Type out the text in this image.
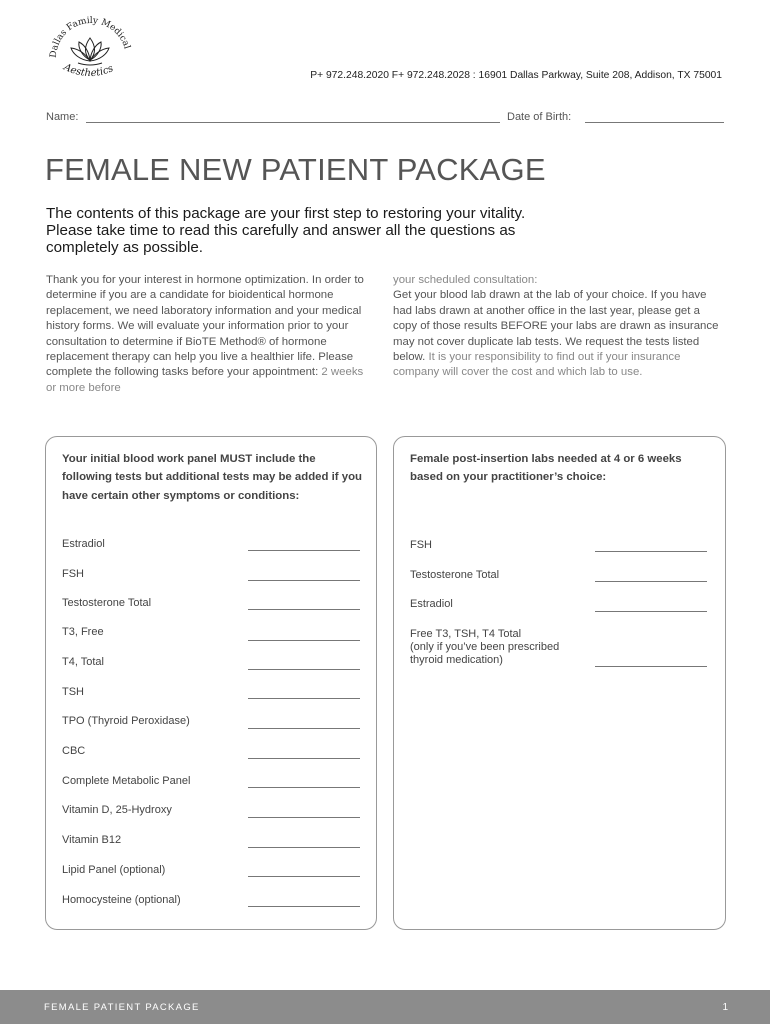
Dallas Family Medical
Aesthetics
P+ 972.248.2020 F+ 972.248.2028 : 16901 Dallas Parkway, Suite 208, Addison, TX 75001
Name:	Date of Birth:
FEMALE NEW PATIENT PACKAGE

The contents of this package are your first step to restoring your vitality. Please take time to read this carefully and answer all the questions as completely as possible.

Thank you for your interest in hormone optimization. In order to determine if you are a candidate for bioidentical hormone replacement, we need laboratory information and your medical history forms. We will evaluate your information prior to your consultation to determine if BioTE Method® of hormone replacement therapy can help you live a healthier life. Please complete the following tasks before your appointment: 2 weeks or more before

your scheduled consultation:
Get your blood lab drawn at the lab of your choice. If you have had labs drawn at another office in the last year, please get a copy of those results BEFORE your labs are drawn as insurance may not cover duplicate lab tests. We request the tests listed below. It is your responsibility to find out if your insurance company will cover the cost and which lab to use.

Your initial blood work panel MUST include the following tests but additional tests may be added if you have certain other symptoms or conditions:

Estradiol
FSH
Testosterone Total
T3, Free
T4, Total
TSH
TPO (Thyroid Peroxidase)
CBC
Complete Metabolic Panel
Vitamin D, 25-Hydroxy
Vitamin B12
Lipid Panel (optional)
Homocysteine (optional)

Female post-insertion labs needed at 4 or 6 weeks based on your practitioner’s choice:

FSH
Testosterone Total
Estradiol
Free T3, TSH, T4 Total
(only if you’ve been prescribed
thyroid medication)
FEMALE PATIENT PACKAGE	1
